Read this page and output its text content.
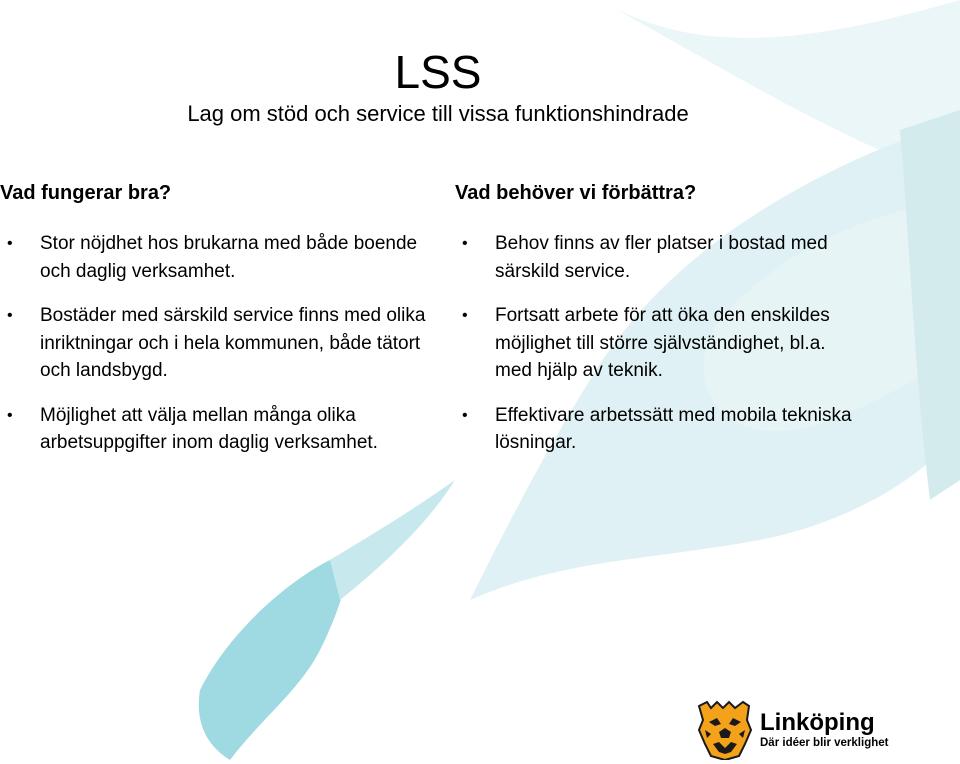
LSS
Lag om stöd och service till vissa funktionshindrade
Vad fungerar bra?
• Stor nöjdhet hos brukarna med både boende och daglig verksamhet.
• Bostäder med särskild service finns med olika inriktningar och i hela kommunen, både tätort och landsbygd.
• Möjlighet att välja mellan många olika arbetsuppgifter inom daglig verksamhet.
Vad behöver vi förbättra?
• Behov finns av fler platser i bostad med särskild service.
• Fortsatt arbete för att öka den enskildes möjlighet till större självständighet, bl.a. med hjälp av teknik.
• Effektivare arbetssätt med mobila tekniska lösningar.
Linköping
Där idéer blir verklighet
